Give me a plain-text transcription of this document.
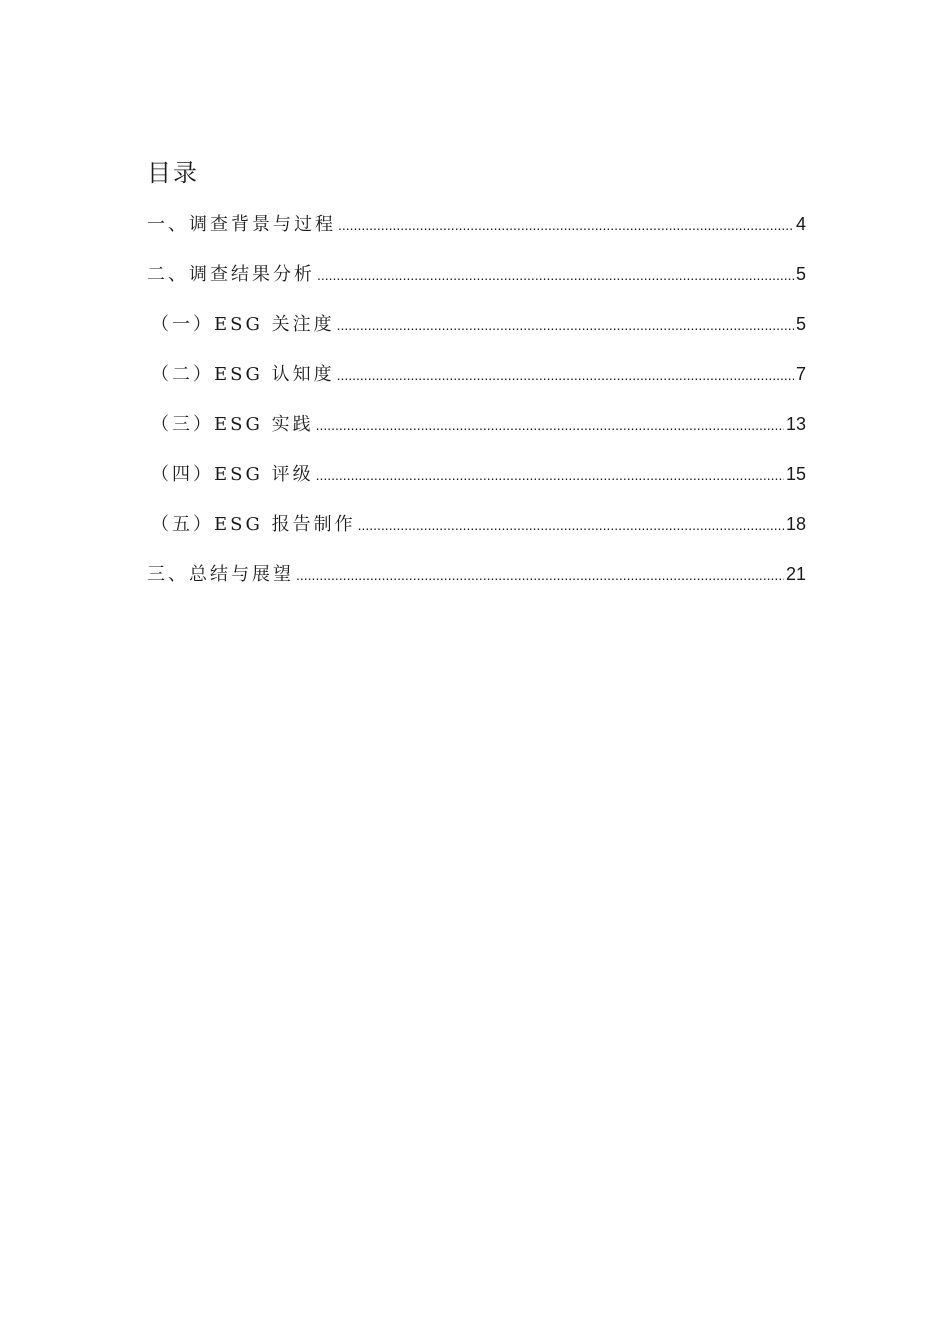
目录
一、调查背景与过程 .....	4
二、调查结果分析 .....	5
（一）ESG 关注度 .....	5
（二）ESG 认知度 .....	7
（三）ESG 实践 .....	13
（四）ESG 评级 .....	15
（五）ESG 报告制作 .....	18
三、总结与展望 .....	21
